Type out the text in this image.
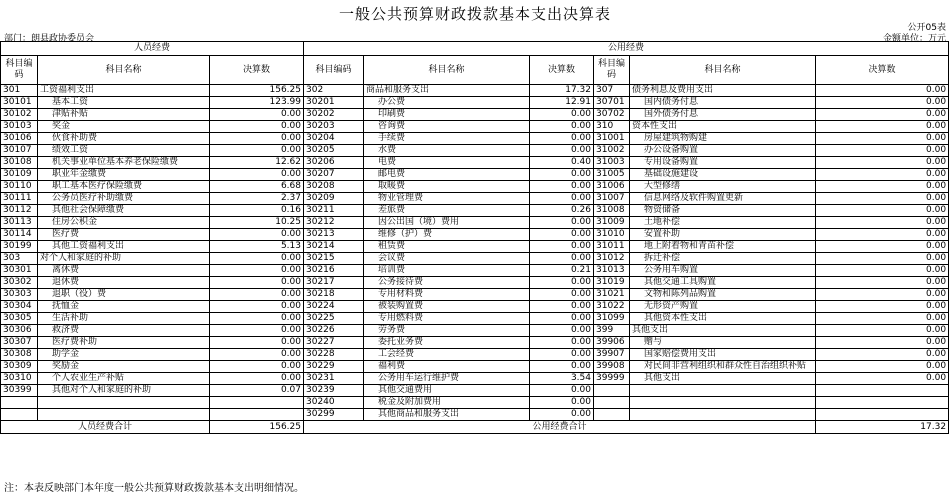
一般公共预算财政拨款基本支出决算表
公开05表
部门：朗县政协委员会	金额单位：万元
人员经费			公用经费					
科目编码	科目名称	决算数	科目编码	科目名称	决算数	科目编码	科目名称	决算数
301	工资福利支出	156.25	302	商品和服务支出	17.32	307	债务利息及费用支出	0.00
30101	基本工资	123.99	30201	办公费	12.91	30701	国内债务付息	0.00
30102	津贴补贴	0.00	30202	印刷费	0.00	30702	国外债务付息	0.00
30103	奖金	0.00	30203	咨询费	0.00	310	资本性支出	0.00
30106	伙食补助费	0.00	30204	手续费	0.00	31001	房屋建筑物购建	0.00
30107	绩效工资	0.00	30205	水费	0.00	31002	办公设备购置	0.00
30108	机关事业单位基本养老保险缴费	12.62	30206	电费	0.40	31003	专用设备购置	0.00
30109	职业年金缴费	0.00	30207	邮电费	0.00	31005	基础设施建设	0.00
30110	职工基本医疗保险缴费	6.68	30208	取暖费	0.00	31006	大型修缮	0.00
30111	公务员医疗补助缴费	2.37	30209	物业管理费	0.00	31007	信息网络及软件购置更新	0.00
30112	其他社会保障缴费	0.16	30211	差旅费	0.26	31008	物资储备	0.00
30113	住房公积金	10.25	30212	因公出国（境）费用	0.00	31009	土地补偿	0.00
30114	医疗费	0.00	30213	维修（护）费	0.00	31010	安置补助	0.00
30199	其他工资福利支出	5.13	30214	租赁费	0.00	31011	地上附着物和青苗补偿	0.00
303	对个人和家庭的补助	0.00	30215	会议费	0.00	31012	拆迁补偿	0.00
30301	离休费	0.00	30216	培训费	0.21	31013	公务用车购置	0.00
30302	退休费	0.00	30217	公务接待费	0.00	31019	其他交通工具购置	0.00
30303	退职（役）费	0.00	30218	专用材料费	0.00	31021	文物和陈列品购置	0.00
30304	抚恤金	0.00	30224	被装购置费	0.00	31022	无形资产购置	0.00
30305	生活补助	0.00	30225	专用燃料费	0.00	31099	其他资本性支出	0.00
30306	救济费	0.00	30226	劳务费	0.00	399	其他支出	0.00
30307	医疗费补助	0.00	30227	委托业务费	0.00	39906	赠与	0.00
30308	助学金	0.00	30228	工会经费	0.00	39907	国家赔偿费用支出	0.00
30309	奖励金	0.00	30229	福利费	0.00	39908	对民间非营利组织和群众性自治组织补贴	0.00
30310	个人农业生产补贴	0.00	30231	公务用车运行维护费	3.54	39999	其他支出	0.00
30399	其他对个人和家庭的补助	0.07	30239	其他交通费用	0.00			
			30240	税金及附加费用	0.00			
			30299	其他商品和服务支出	0.00			
人员经费合计		156.25	公用经费合计					17.32
注：本表反映部门本年度一般公共预算财政拨款基本支出明细情况。
